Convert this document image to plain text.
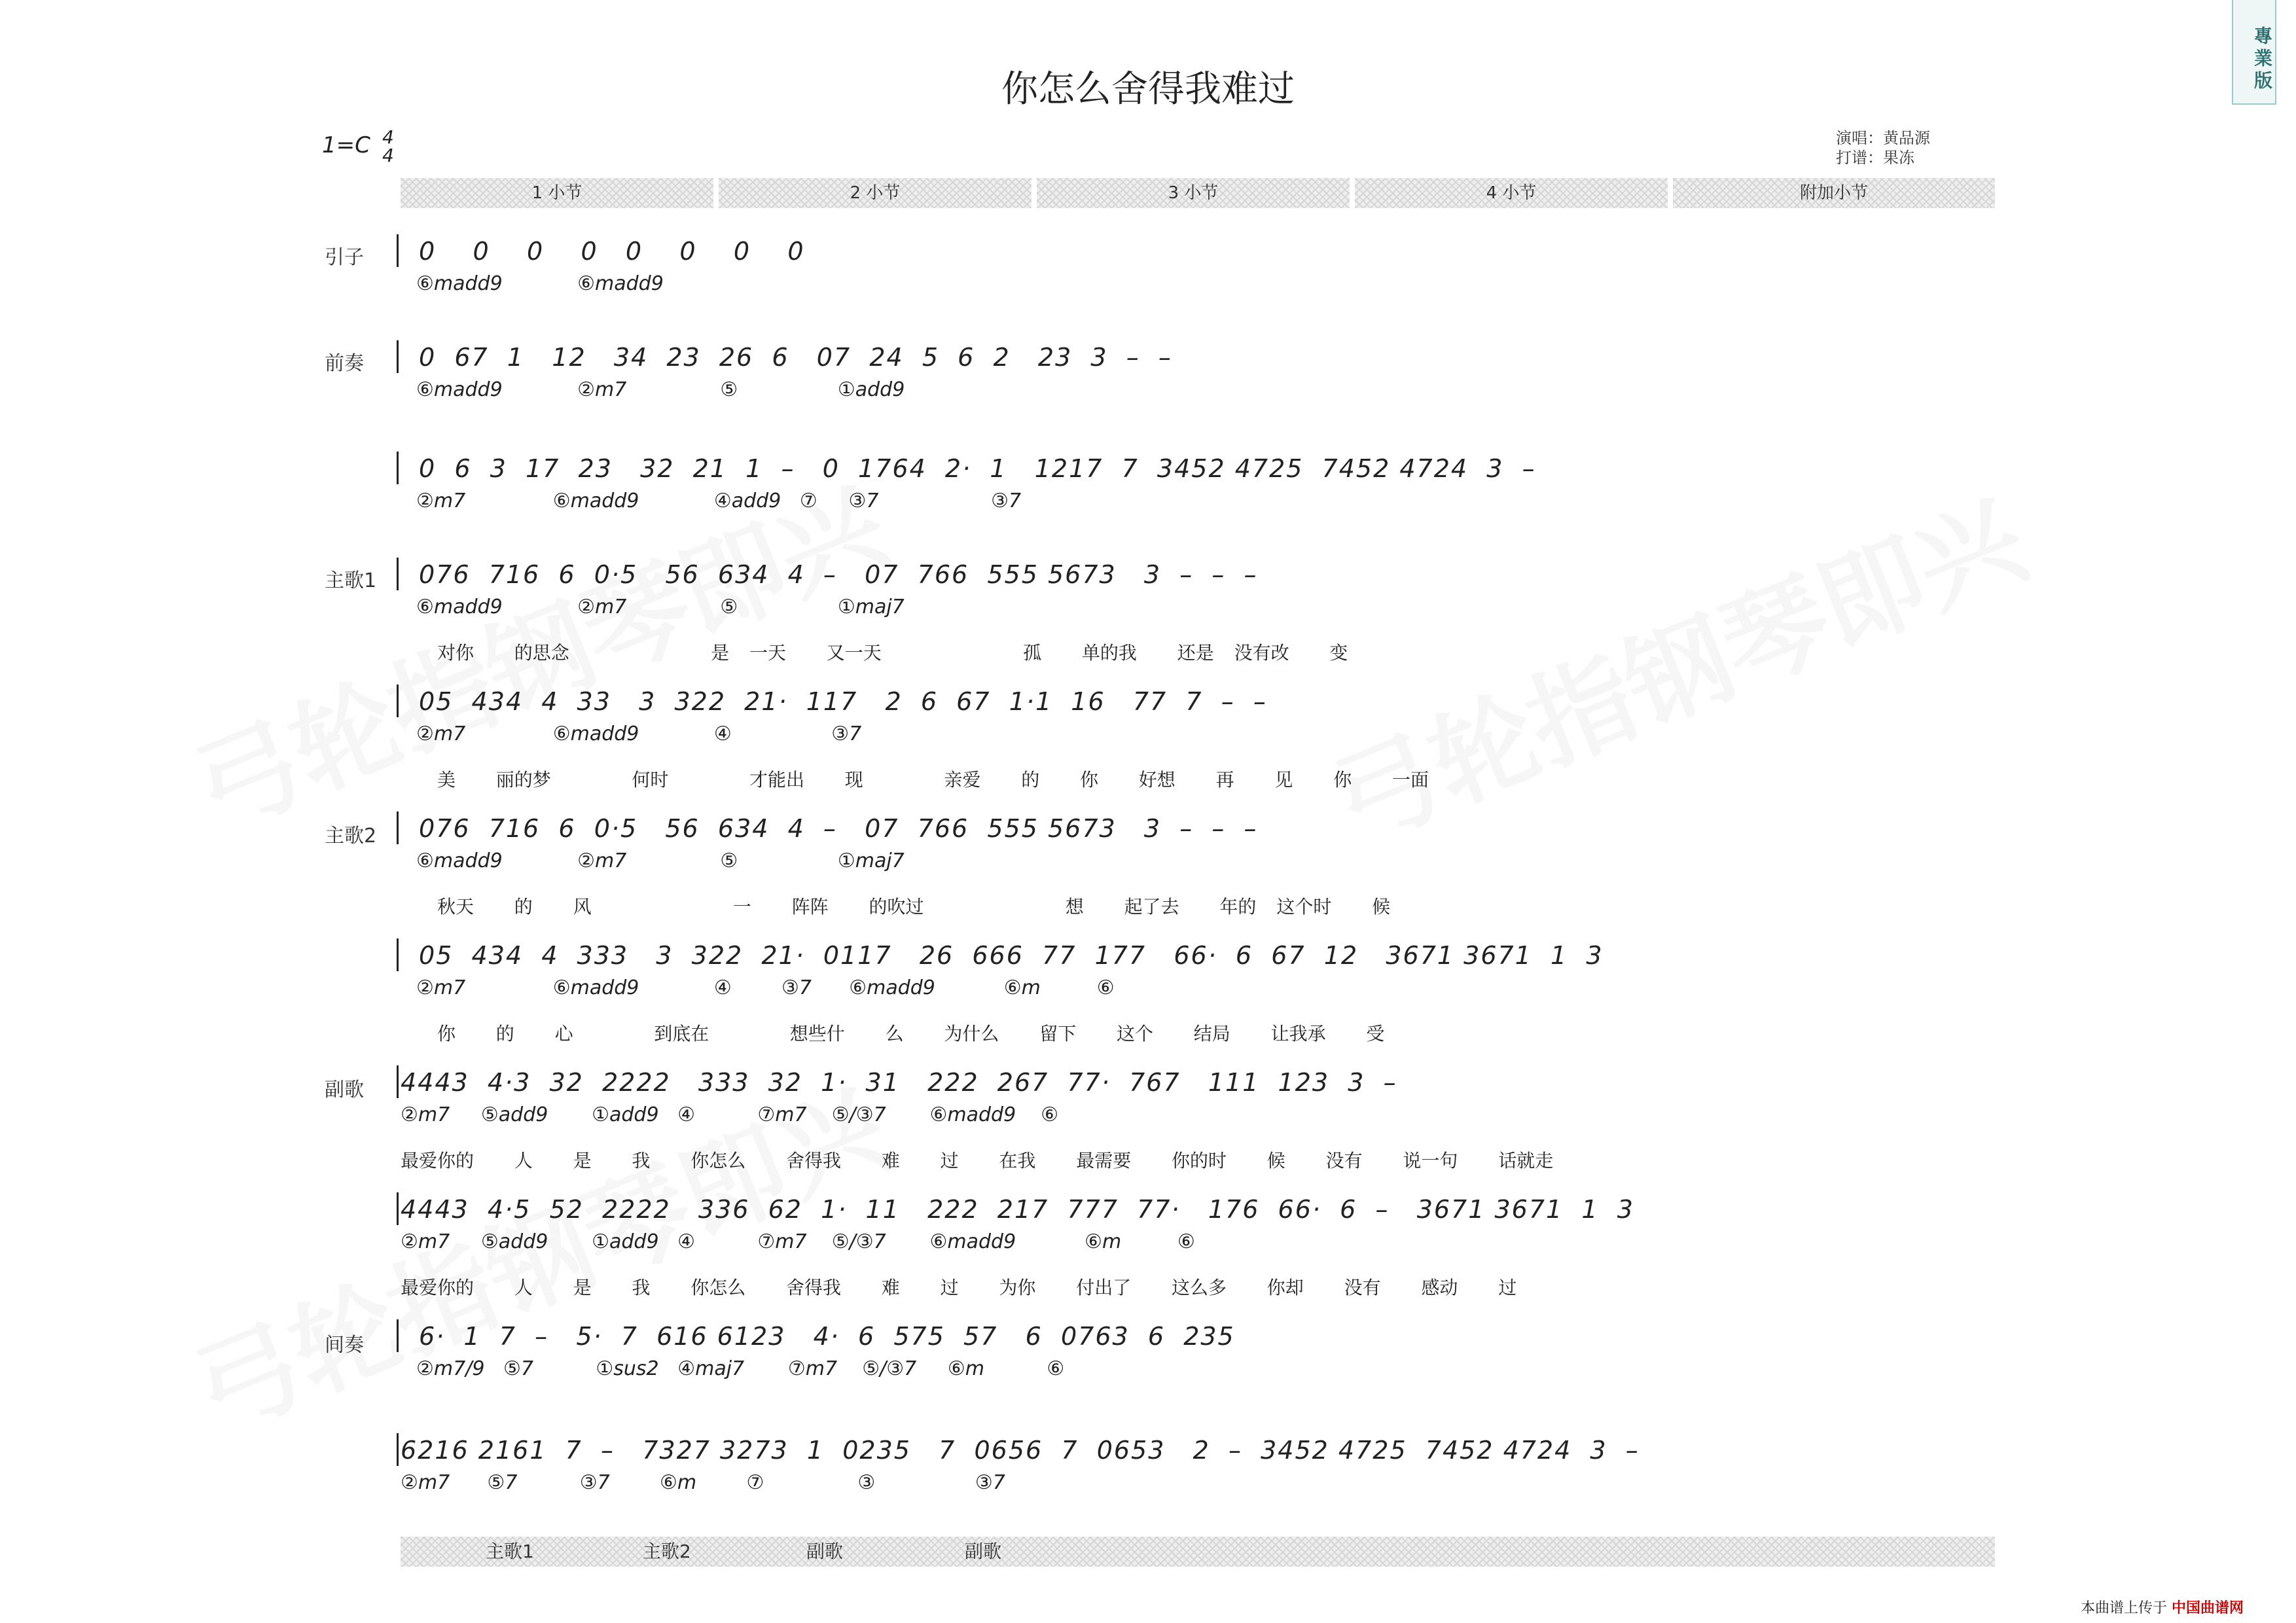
專業版
你怎么舍得我难过
1=C 4
4
演唱：黄品源
打谱：果冻
1 小节	2 小节	3 小节	4 小节	附加小节
引子
前奏
主歌1
主歌2
副歌
间奏
0    0    0    0   0    0    0    0
⑥madd9            ⑥madd9
0  67  1   12   34  23  26  6   07  24  5  6  2   23  3  –  –
⑥madd9            ②m7               ⑤                ①add9
0  6  3  17  23   32  21  1  –   0  1764  2·  1   1217  7  3452 4725  7452 4724  3  –
②m7              ⑥madd9            ④add9   ⑦     ③7                  ③7
076  716  6  0·5   56  634  4  –   07  766  555 5673   3  –  –  –
⑥madd9            ②m7               ⑤                ①maj7
对你  的思念       是 一天  又一天       孤  单的我  还是 没有改  变
05  434  4  33   3  322  21·  117   2  6  67  1·1  16   77  7  –  –
②m7              ⑥madd9            ④                ③7
美  丽的梦    何时    才能出  现    亲爱  的  你  好想  再  见  你  一面
076  716  6  0·5   56  634  4  –   07  766  555 5673   3  –  –  –
⑥madd9            ②m7               ⑤                ①maj7
秋天  的  风       一  阵阵  的吹过       想  起了去  年的 这个时  候
05  434  4  333   3  322  21·  0117   26  666  77  177   66·  6  67  12   3671 3671  1  3
②m7              ⑥madd9            ④        ③7      ⑥madd9           ⑥m         ⑥
你  的  心    到底在    想些什  么  为什么  留下  这个  结局  让我承  受
4443  4·3  32  2222   333  32  1·  31   222  267  77·  767   111  123  3  –
②m7     ⑤add9       ①add9   ④          ⑦m7    ⑤/③7       ⑥madd9    ⑥
最爱你的  人  是  我  你怎么  舍得我  难  过  在我  最需要  你的时  候  没有  说一句  话就走
4443  4·5  52  2222   336  62  1·  11   222  217  777  77·   176  66·  6  –   3671 3671  1  3
②m7     ⑤add9       ①add9   ④          ⑦m7    ⑤/③7       ⑥madd9           ⑥m         ⑥
最爱你的  人  是  我  你怎么  舍得我  难  过  为你  付出了  这么多  你却  没有  感动  过
6·  1  7  –   5·  7  616 6123   4·  6  575  57   6  0763  6  235
②m7/9   ⑤7          ①sus2   ④maj7       ⑦m7    ⑤/③7     ⑥m          ⑥
6216 2161  7  –   7327 3273  1  0235   7  0656  7  0653   2  –  3452 4725  7452 4724  3  –
②m7      ⑤7          ③7        ⑥m        ⑦               ③                ③7
主歌1	主歌2	副歌	副歌
本曲谱上传于 中国曲谱网
